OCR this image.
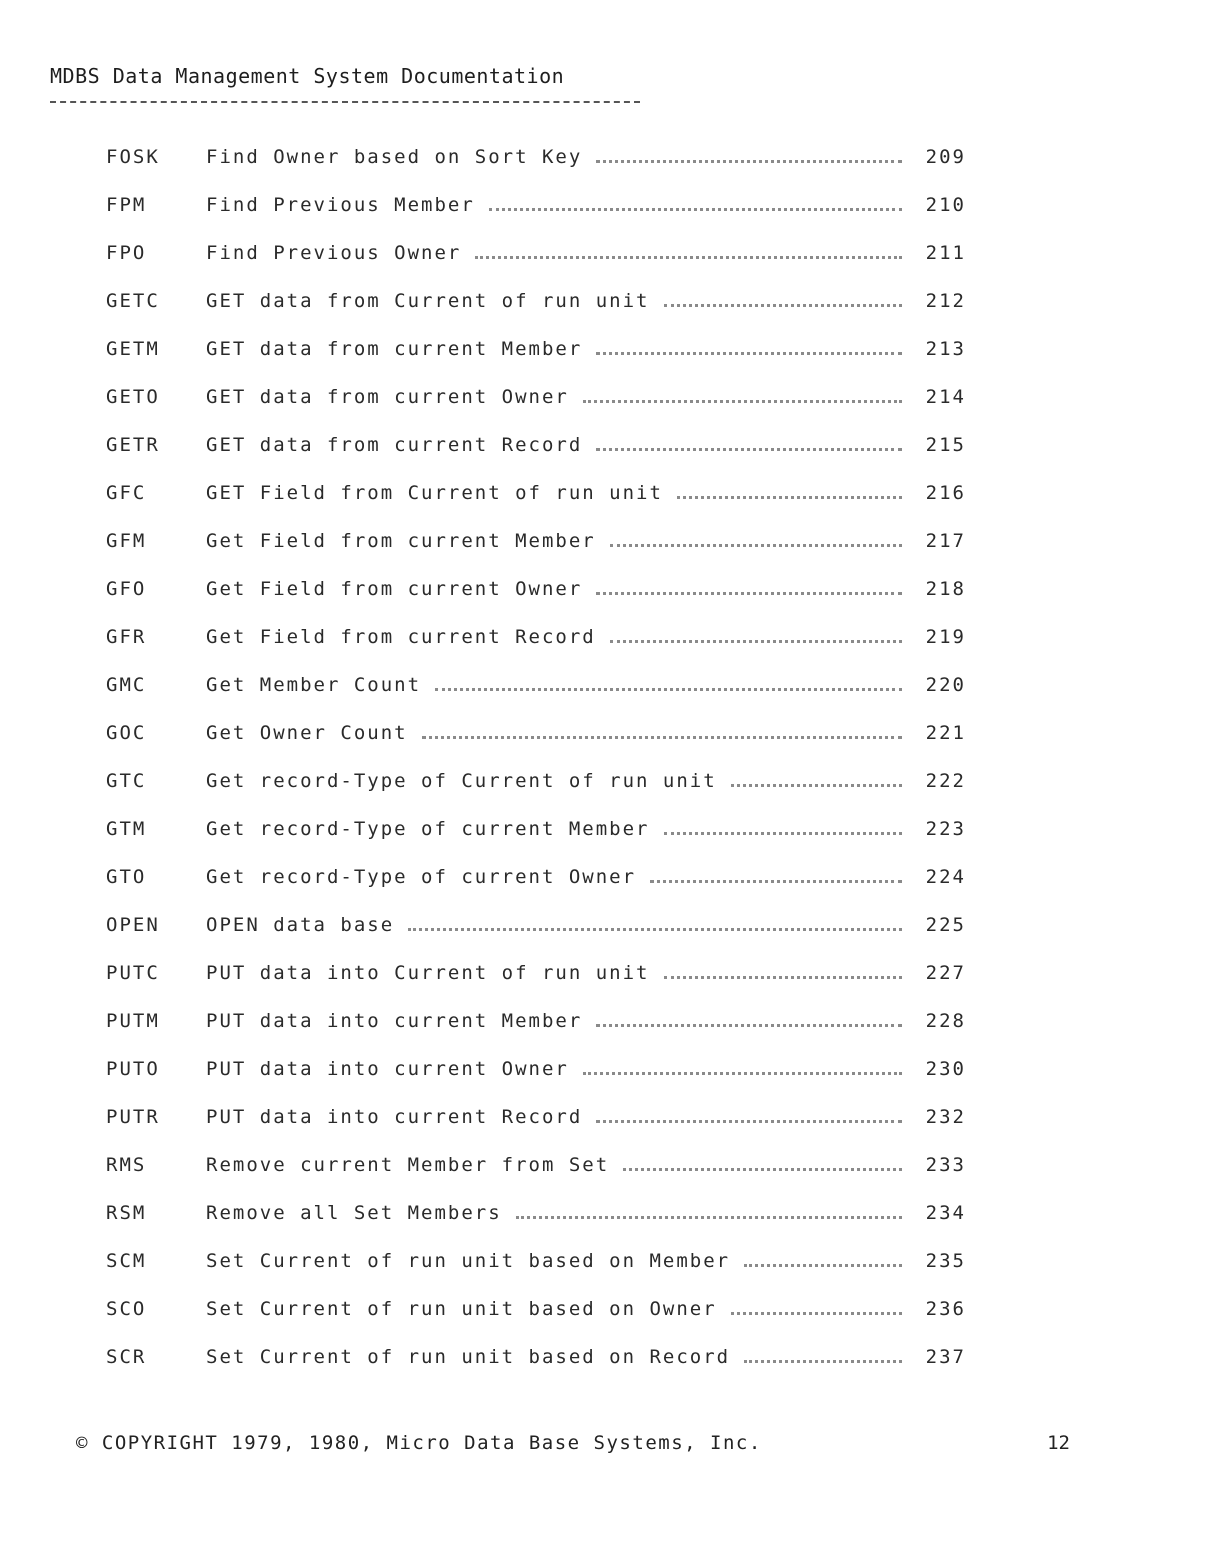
MDBS Data Management System Documentation
FOSK	Find Owner based on Sort Key	209
FPM	Find Previous Member	210
FPO	Find Previous Owner	211
GETC	GET data from Current of run unit	212
GETM	GET data from current Member	213
GETO	GET data from current Owner	214
GETR	GET data from current Record	215
GFC	GET Field from Current of run unit	216
GFM	Get Field from current Member	217
GFO	Get Field from current Owner	218
GFR	Get Field from current Record	219
GMC	Get Member Count	220
GOC	Get Owner Count	221
GTC	Get record-Type of Current of run unit	222
GTM	Get record-Type of current Member	223
GTO	Get record-Type of current Owner	224
OPEN	OPEN data base	225
PUTC	PUT data into Current of run unit	227
PUTM	PUT data into current Member	228
PUTO	PUT data into current Owner	230
PUTR	PUT data into current Record	232
RMS	Remove current Member from Set	233
RSM	Remove all Set Members	234
SCM	Set Current of run unit based on Member	235
SCO	Set Current of run unit based on Owner	236
SCR	Set Current of run unit based on Record	237
© COPYRIGHT 1979, 1980, Micro Data Base Systems, Inc.	12
